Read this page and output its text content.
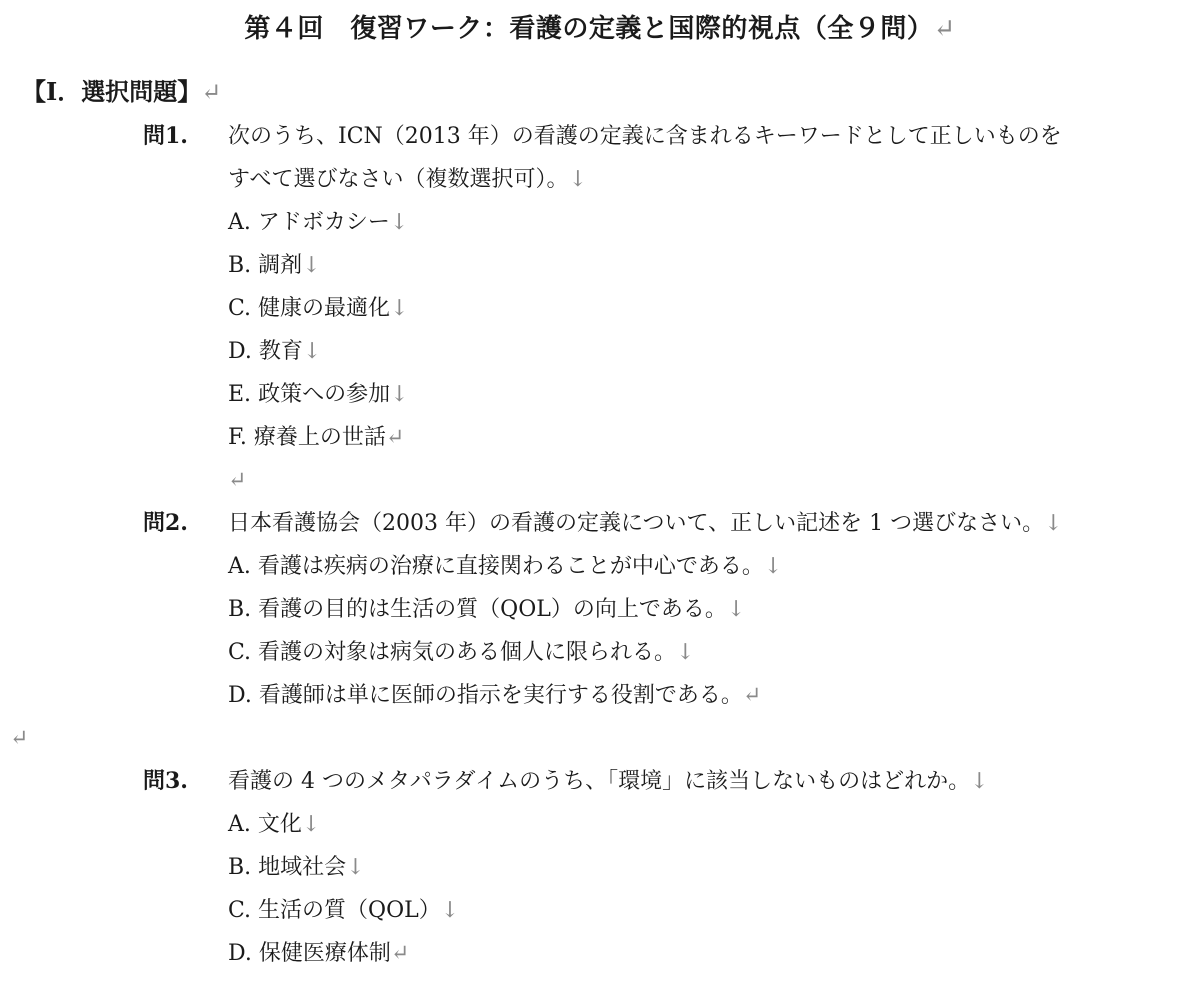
第４回　復習ワーク：看護の定義と国際的視点（全９問）↵
【Ⅰ．選択問題】↵
問1. 次のうち、ICN（2013 年）の看護の定義に含まれるキーワードとして正しいものを
すべて選びなさい（複数選択可）。↓
A. アドボカシー↓
B. 調剤↓
C. 健康の最適化↓
D. 教育↓
E. 政策への参加↓
F. 療養上の世話↵
↵
問2. 日本看護協会（2003 年）の看護の定義について、正しい記述を 1 つ選びなさい。↓
A. 看護は疾病の治療に直接関わることが中心である。↓
B. 看護の目的は生活の質（QOL）の向上である。↓
C. 看護の対象は病気のある個人に限られる。↓
D. 看護師は単に医師の指示を実行する役割である。↵
↵
問3. 看護の 4 つのメタパラダイムのうち、「環境」に該当しないものはどれか。↓
A. 文化↓
B. 地域社会↓
C. 生活の質（QOL）↓
D. 保健医療体制↵
